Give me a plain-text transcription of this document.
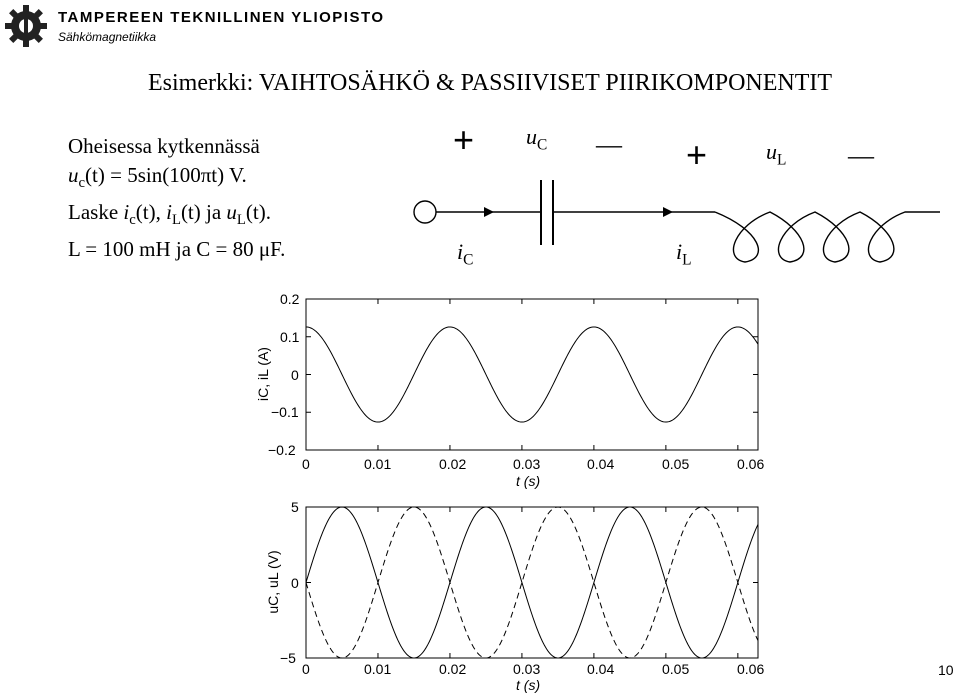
TAMPEREEN TEKNILLINEN YLIOPISTO
Sähkömagnetiikka
Esimerkki: VAIHTOSÄHKÖ & PASSIIVISET PIIRIKOMPONENTIT
Oheisessa kytkennässä
$u_c(t) = 5\sin(100\pi t)$ V.
Laske $i_c(t)$, $i_L(t)$ ja $u_L(t)$.
L = 100 mH ja C = 80 μF.
+	—
$u_C$	+	—
$u_L$
$i_C$	$i_L$
0.2
0.1
0
−0.1
−0.2
0	0.01	0.02	0.03	0.04	0.05	0.06
t (s)
iC, iL (A)
5
0
−5
0	0.01	0.02	0.03	0.04	0.05	0.06
t (s)
uC, uL (V)
10
